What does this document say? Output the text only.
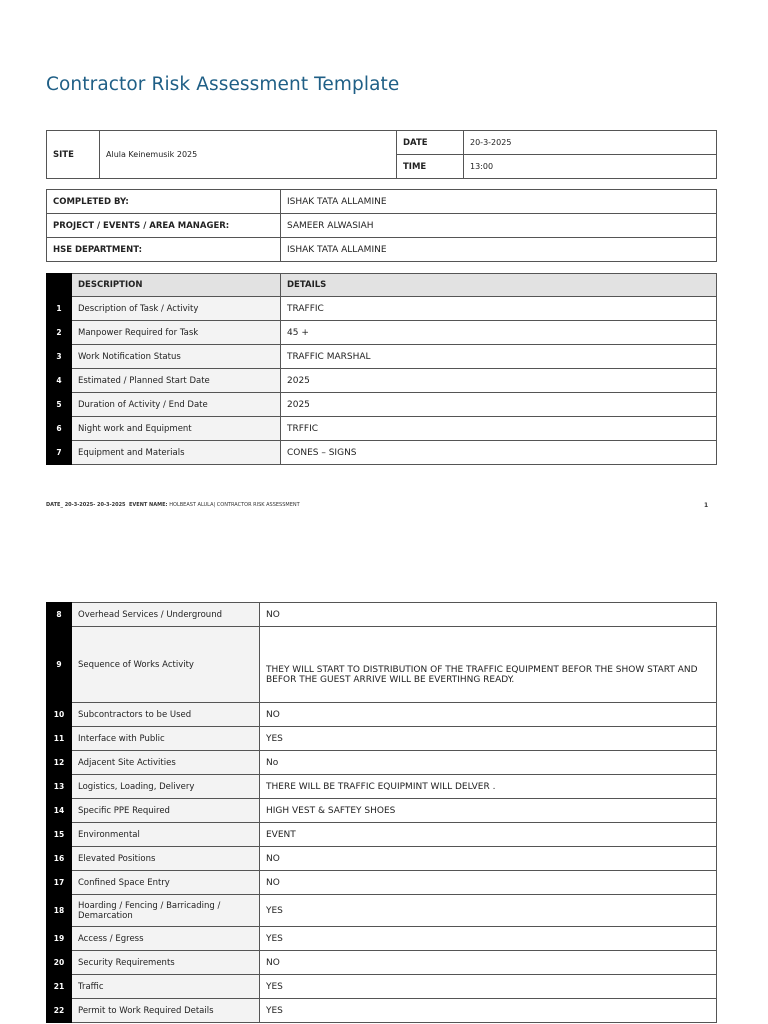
Contractor Risk Assessment Template
SITE	Alula Keinemusik 2025	DATE	20-3-2025
		TIME	13:00
COMPLETED BY:	ISHAK TATA ALLAMINE
PROJECT / EVENTS / AREA MANAGER:	SAMEER ALWASIAH
HSE DEPARTMENT:	ISHAK TATA ALLAMINE
	DESCRIPTION	DETAILS
1	Description of Task / Activity	TRAFFIC
2	Manpower Required for Task	45 +
3	Work Notification Status	TRAFFIC MARSHAL
4	Estimated / Planned Start Date	2025
5	Duration of Activity / End Date	2025
6	Night work and Equipment	TRFFIC
7	Equipment and Materials	CONES – SIGNS
DATE_ 20-3-2025- 20-3-2025 EVENT NAME: HOLBEAST ALULA| CONTRACTOR RISK ASSESSMENT	1
8	Overhead Services / Underground	NO
9	Sequence of Works Activity	THEY WILL START TO DISTRIBUTION OF THE TRAFFIC EQUIPMENT BEFOR THE SHOW START AND BEFOR THE GUEST ARRIVE WILL BE EVERTIHNG READY.
10	Subcontractors to be Used	NO
11	Interface with Public	YES
12	Adjacent Site Activities	No
13	Logistics, Loading, Delivery	THERE WILL BE TRAFFIC EQUIPMINT WILL DELVER .
14	Specific PPE Required	HIGH VEST & SAFTEY SHOES
15	Environmental	EVENT
16	Elevated Positions	NO
17	Confined Space Entry	NO
18	Hoarding / Fencing / Barricading / Demarcation	YES
19	Access / Egress	YES
20	Security Requirements	NO
21	Traffic	YES
22	Permit to Work Required Details	YES
